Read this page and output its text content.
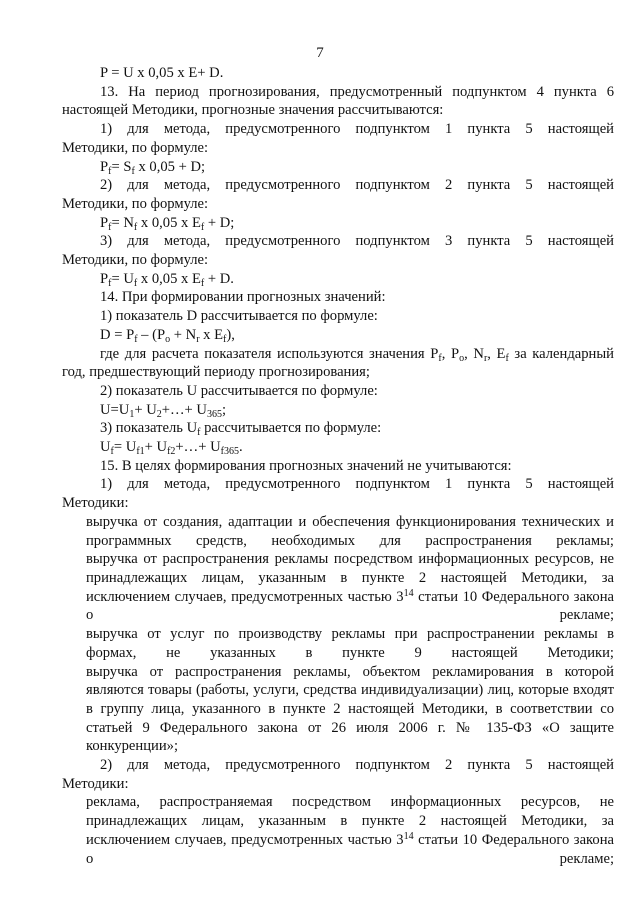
7
P = U x 0,05 x E+ D.
13. На период прогнозирования, предусмотренный подпунктом 4 пункта 6
настоящей Методики, прогнозные значения рассчитываются:
1) для метода, предусмотренного подпунктом 1 пункта 5 настоящей
Методики, по формуле:
$P_f= S_f$ x 0,05 + D;
2) для метода, предусмотренного подпунктом 2 пункта 5 настоящей
Методики, по формуле:
$P_f= N_f$ x 0,05 x $E_f + D$;
3) для метода, предусмотренного подпунктом 3 пункта 5 настоящей
Методики, по формуле:
$P_f= U_f$ x 0,05 x $E_f + D$.
14. При формировании прогнозных значений:
1) показатель D рассчитывается по формуле:
$D = P_f - (P_o + N_r$ x $E_f$),
где для расчета показателя используются значения $P_f$, $P_o$, $N_r$, $E_f$ за календарный
год, предшествующий периоду прогнозирования;
2) показатель U рассчитывается по формуле:
$U=U_1+$ $U_2+\dots+ U_{365}$;
3) показатель $U_f$ рассчитывается по формуле:
$U_f= U_{f1}+$ $U_{f2}+\dots+ U_{f365}$.
15. В целях формирования прогнозных значений не учитываются:
1) для метода, предусмотренного подпунктом 1 пункта 5 настоящей
Методики:
выручка от создания, адаптации и обеспечения функционирования технических и программных средств, необходимых для распространения рекламы;
выручка от распространения рекламы посредством информационных ресурсов, не принадлежащих лицам, указанным в пункте 2 настоящей Методики, за исключением случаев, предусмотренных частью $3^{14}$ статьи 10 Федерального закона о рекламе;
выручка от услуг по производству рекламы при распространении рекламы в формах, не указанных в пункте 9 настоящей Методики;
выручка от распространения рекламы, объектом рекламирования в которой являются товары (работы, услуги, средства индивидуализации) лиц, которые входят в группу лица, указанного в пункте 2 настоящей Методики, в соответствии со статьей 9 Федерального закона от 26 июля 2006 г. № 135-ФЗ «О защите конкуренции»;
2) для метода, предусмотренного подпунктом 2 пункта 5 настоящей
Методики:
реклама, распространяемая посредством информационных ресурсов, не принадлежащих лицам, указанным в пункте 2 настоящей Методики, за исключением случаев, предусмотренных частью $3^{14}$ статьи 10 Федерального закона о рекламе;
